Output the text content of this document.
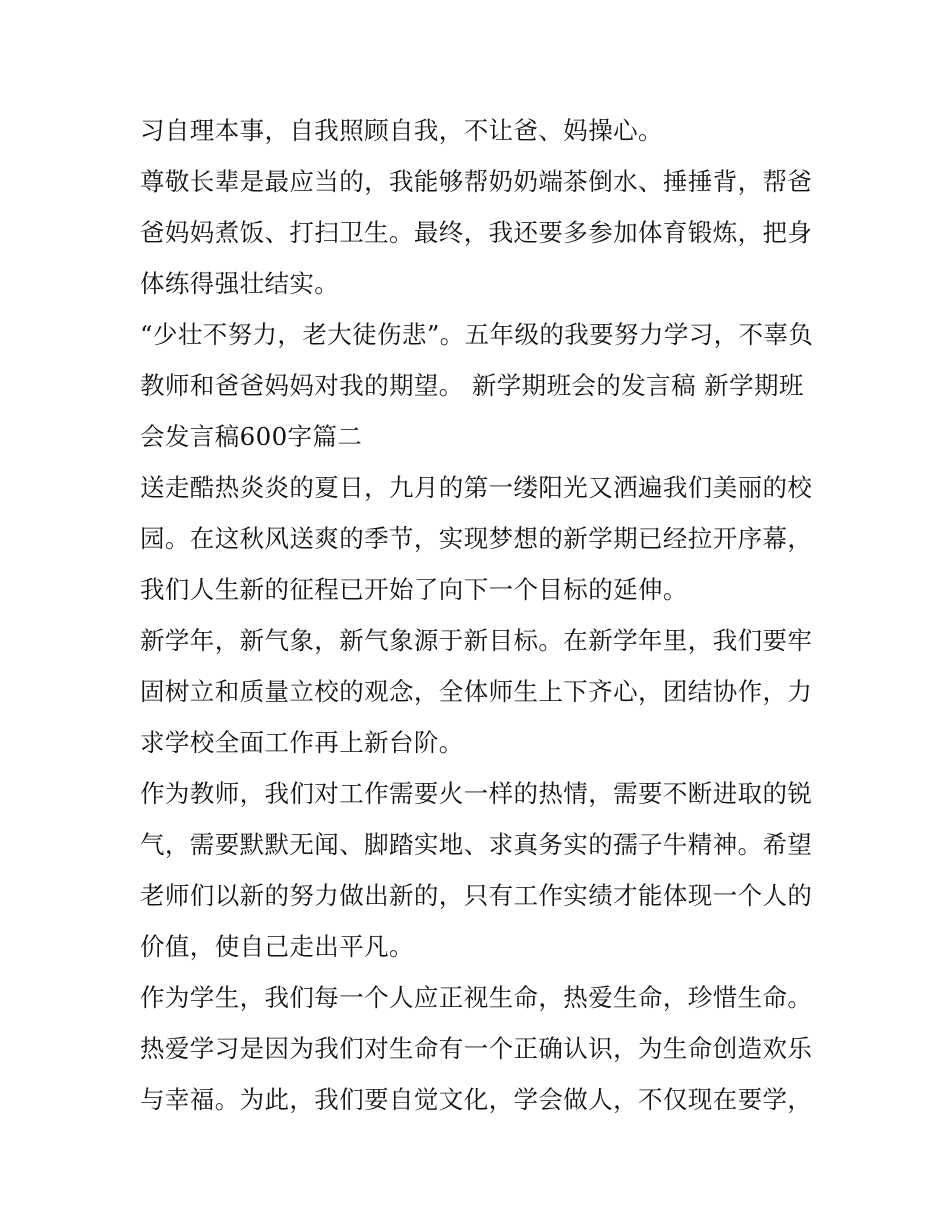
习自理本事，自我照顾自我，不让爸、妈操心。
尊敬长辈是最应当的，我能够帮奶奶端茶倒水、捶捶背，帮爸
爸妈妈煮饭、打扫卫生。最终，我还要多参加体育锻炼，把身
体练得强壮结实。
“少壮不努力，老大徒伤悲”。五年级的我要努力学习，不辜负
教师和爸爸妈妈对我的期望。 新学期班会的发言稿 新学期班
会发言稿600字篇二
送走酷热炎炎的夏日，九月的第一缕阳光又洒遍我们美丽的校
园。在这秋风送爽的季节，实现梦想的新学期已经拉开序幕，
我们人生新的征程已开始了向下一个目标的延伸。
新学年，新气象，新气象源于新目标。在新学年里，我们要牢
固树立和质量立校的观念，全体师生上下齐心，团结协作，力
求学校全面工作再上新台阶。
作为教师，我们对工作需要火一样的热情，需要不断进取的锐
气，需要默默无闻、脚踏实地、求真务实的孺子牛精神。希望
老师们以新的努力做出新的，只有工作实绩才能体现一个人的
价值，使自己走出平凡。
作为学生，我们每一个人应正视生命，热爱生命，珍惜生命。
热爱学习是因为我们对生命有一个正确认识，为生命创造欢乐
与幸福。为此，我们要自觉文化，学会做人，不仅现在要学，
